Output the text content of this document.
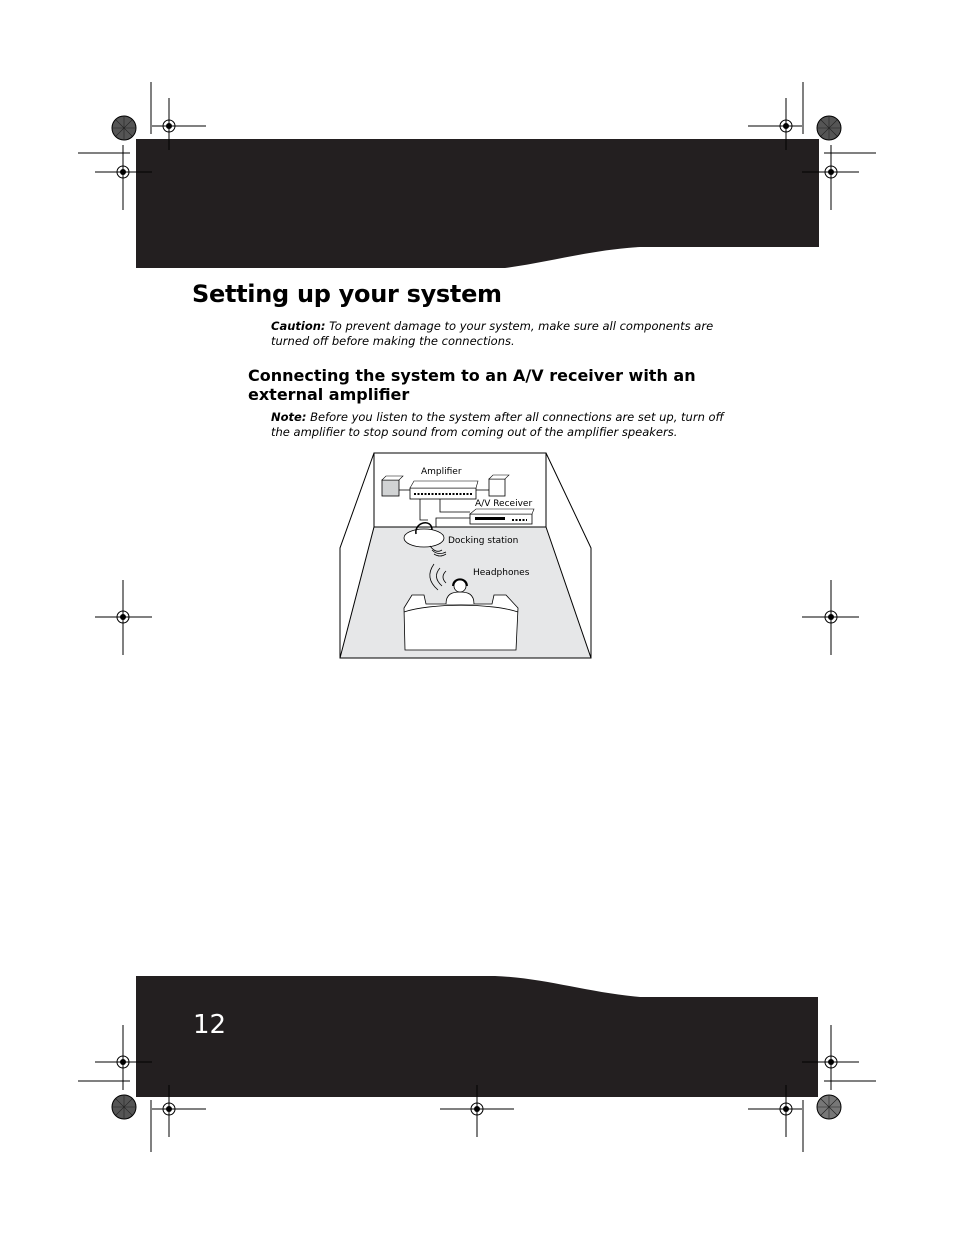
Setting up your system
Caution: To prevent damage to your system, make sure all components are turned off before making the connections.
Connecting the system to an A/V receiver with an external amplifier
Note: Before you listen to the system after all connections are set up, turn off the amplifier to stop sound from coming out of the amplifier speakers.
Amplifier
A/V Receiver
Docking station
Headphones
12
